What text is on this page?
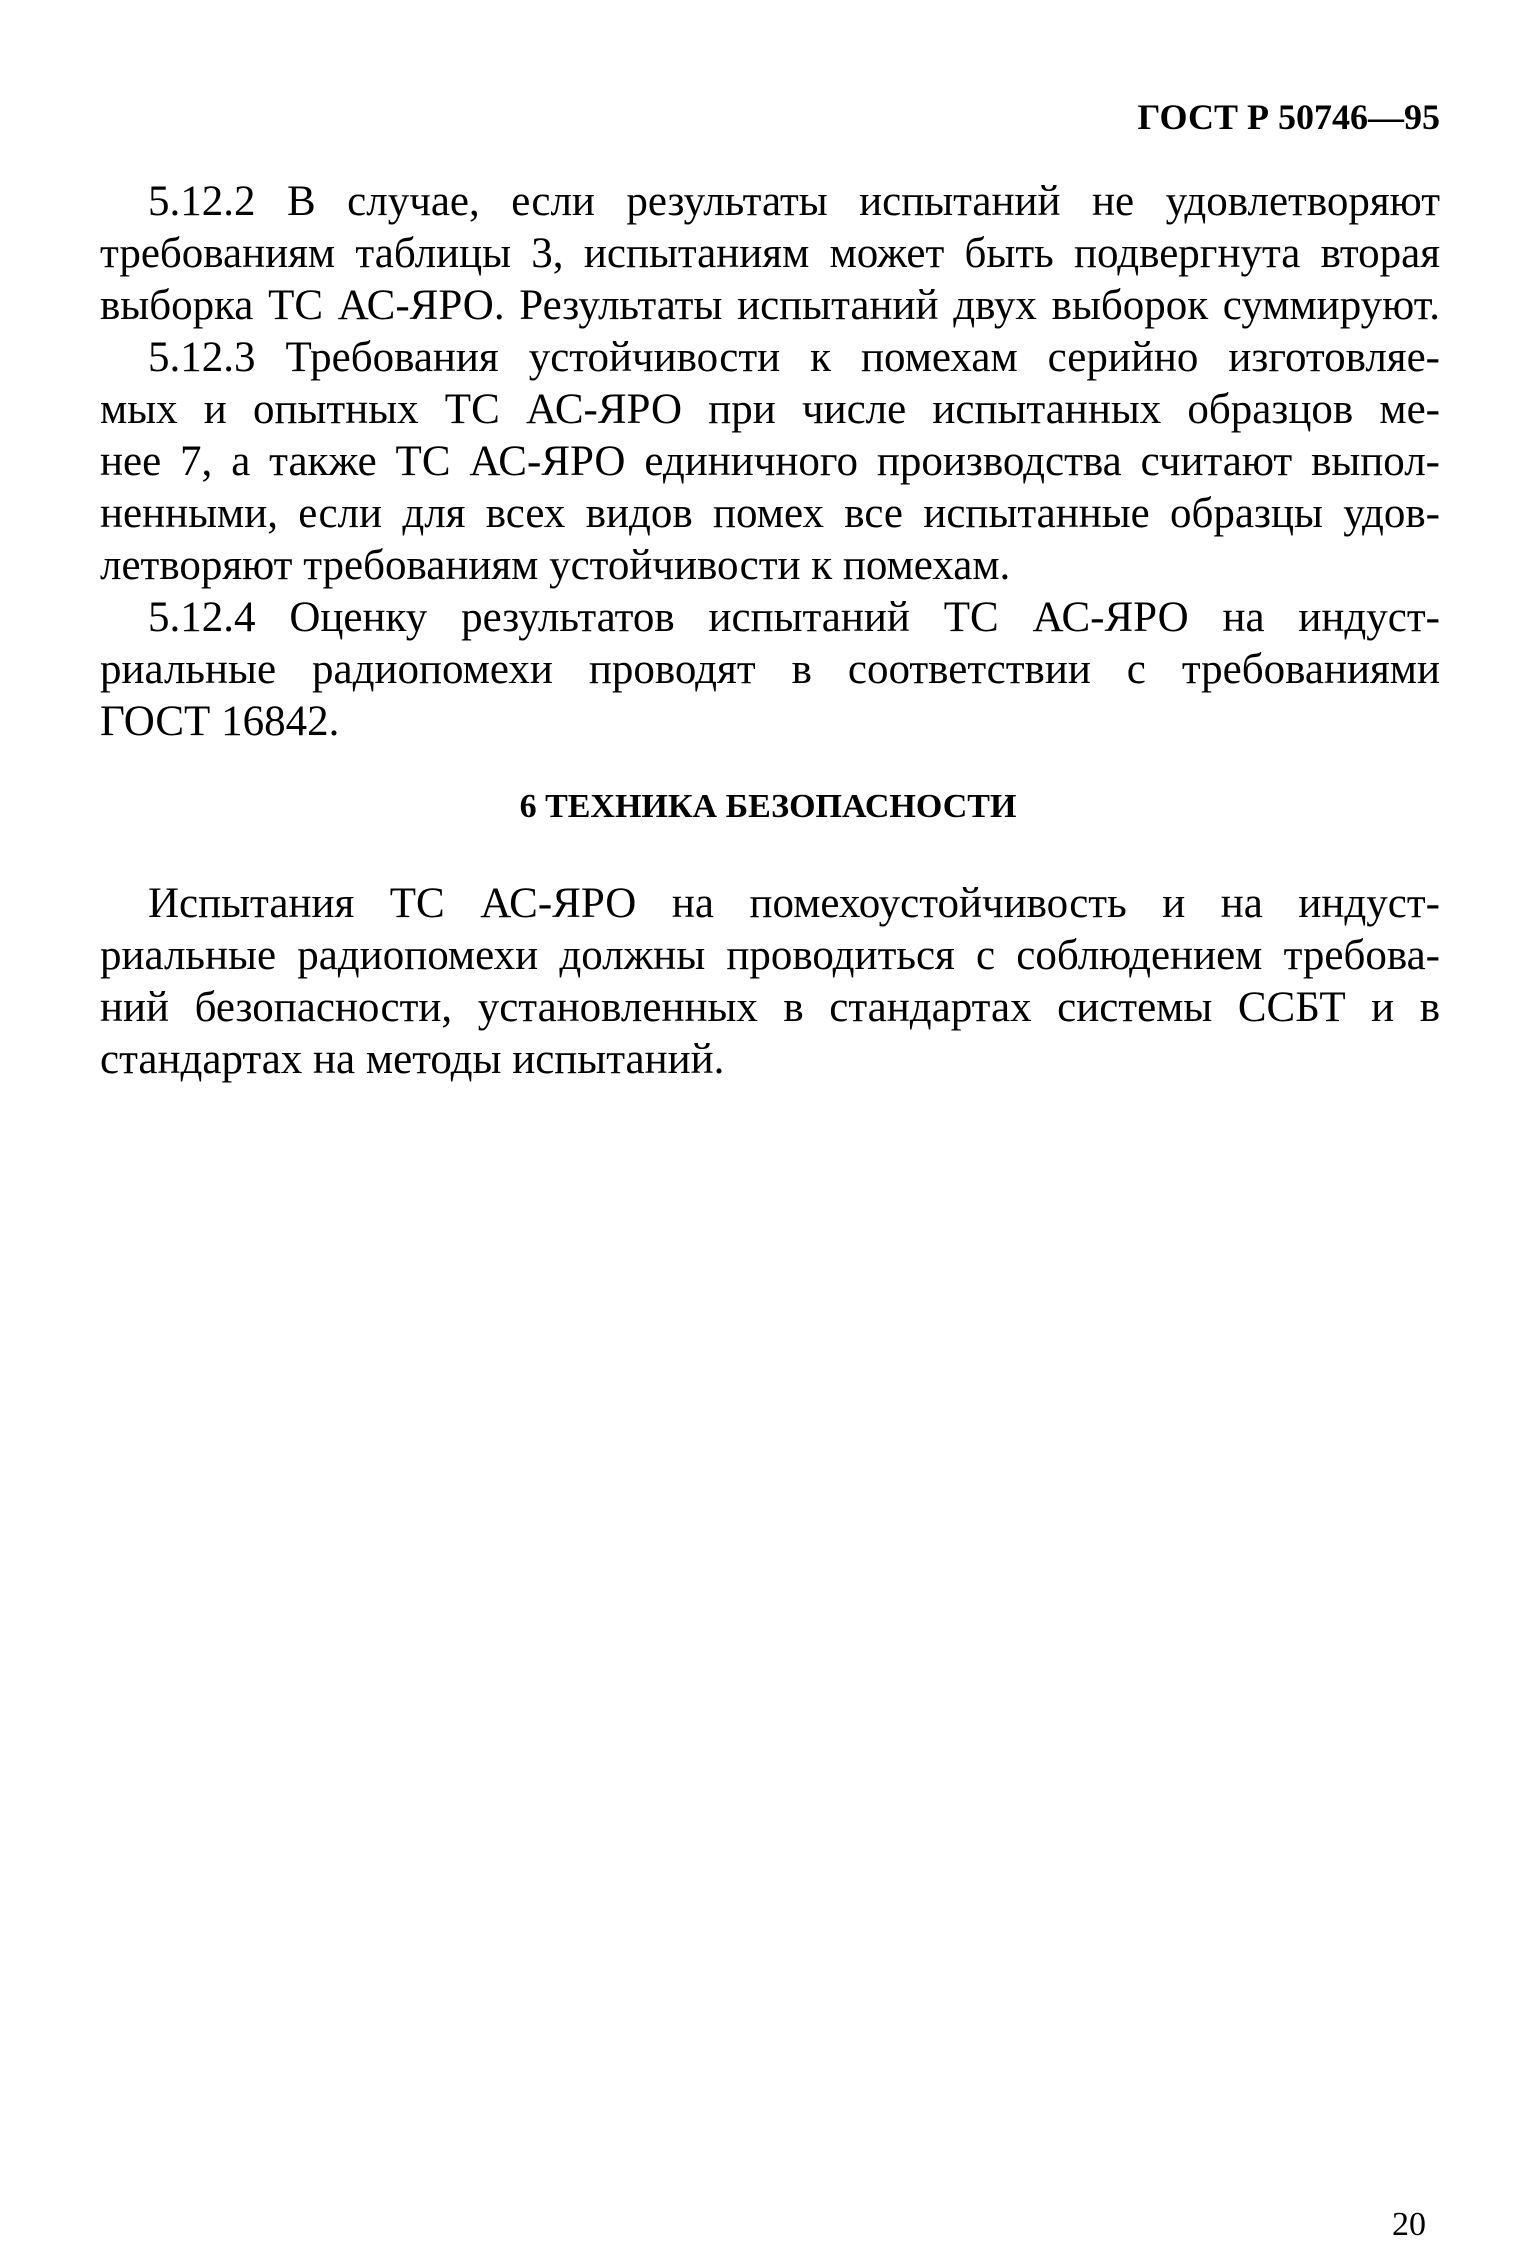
ГОСТ Р 50746—95
5.12.2 В случае, если результаты испытаний не удовлетворяют
требованиям таблицы 3, испытаниям может быть подвергнута вторая
выборка ТС АС-ЯРО. Результаты испытаний двух выборок суммируют.
5.12.3 Требования устойчивости к помехам серийно изготовляе-
мых и опытных ТС АС-ЯРО при числе испытанных образцов ме-
нее 7, а также ТС АС-ЯРО единичного производства считают выпол-
ненными, если для всех видов помех все испытанные образцы удов-
летворяют требованиям устойчивости к помехам.
5.12.4 Оценку результатов испытаний ТС АС-ЯРО на индуст-
риальные радиопомехи проводят в соответствии с требованиями
ГОСТ 16842.
6 ТЕХНИКА БЕЗОПАСНОСТИ
Испытания ТС АС-ЯРО на помехоустойчивость и на индуст-
риальные радиопомехи должны проводиться с соблюдением требова-
ний безопасности, установленных в стандартах системы ССБТ и в
стандартах на методы испытаний.
20
